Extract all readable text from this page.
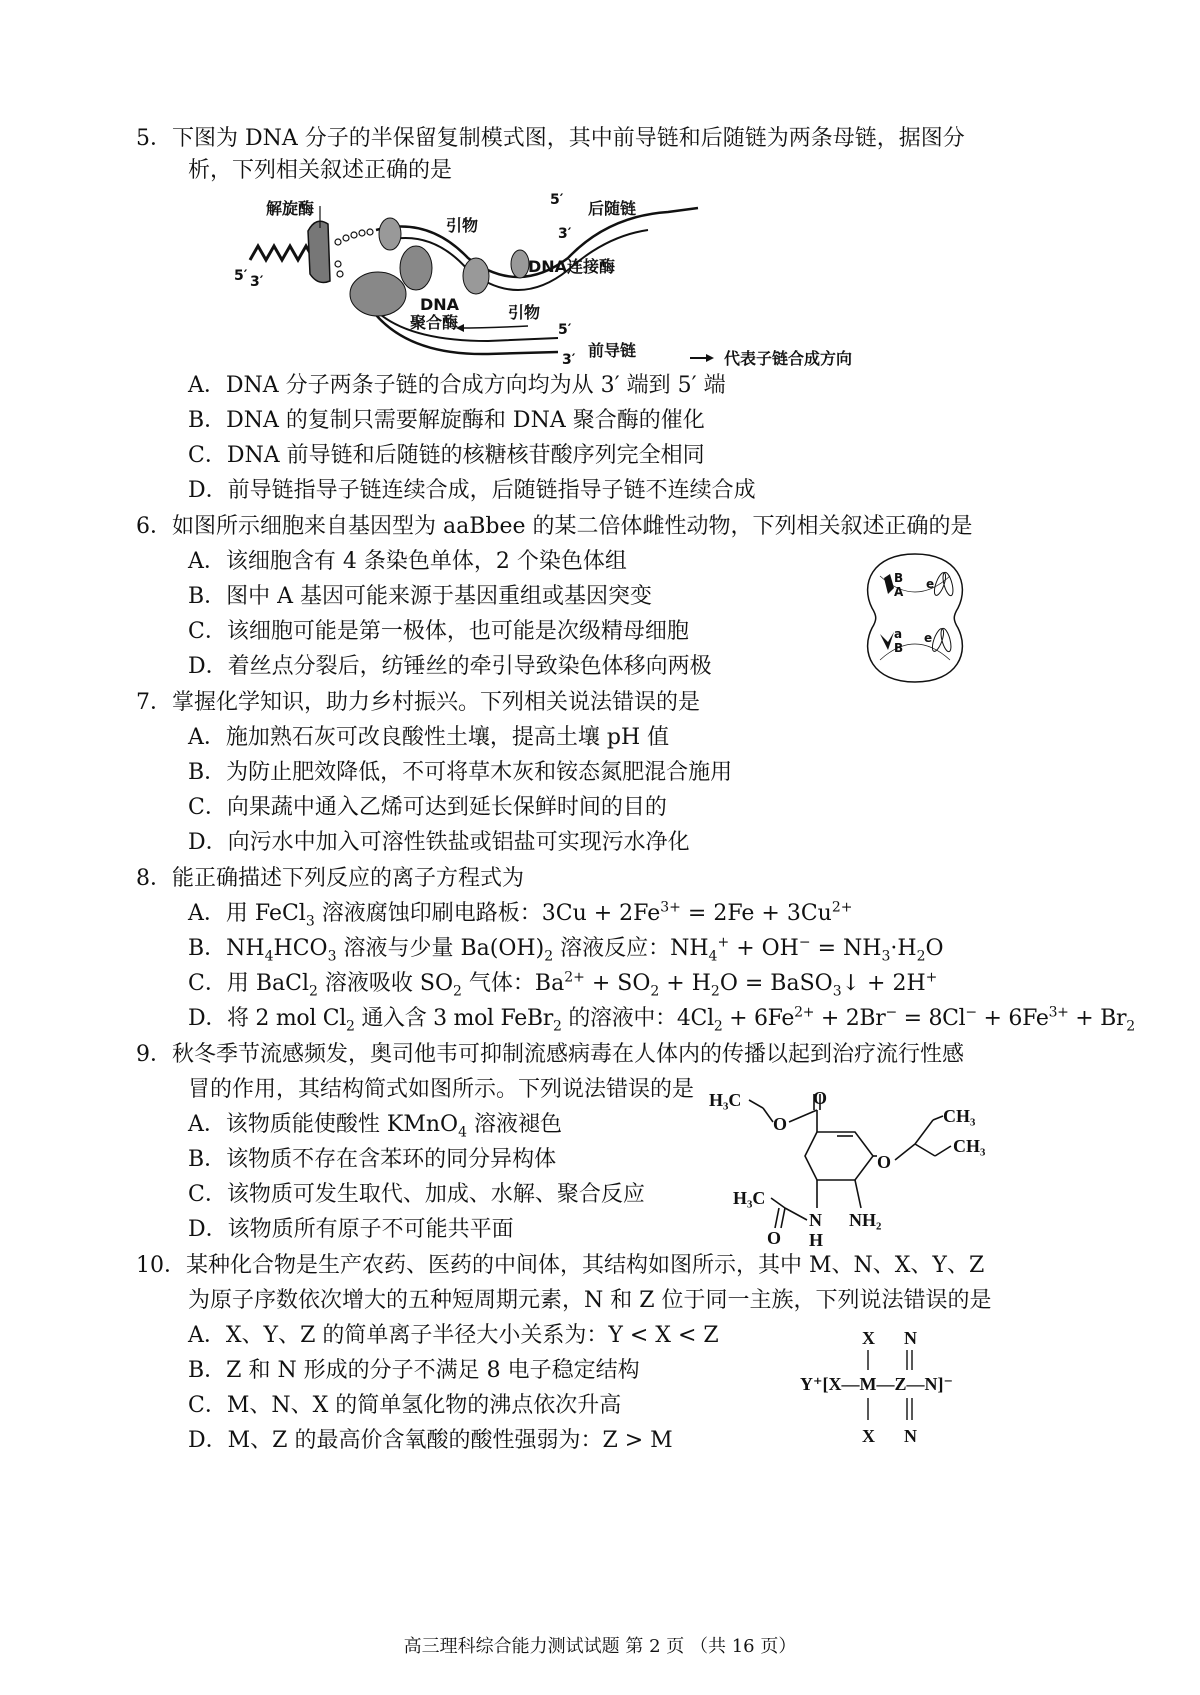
5．下图为 DNA 分子的半保留复制模式图，其中前导链和后随链为两条母链，据图分
析，下列相关叙述正确的是
解旋酶
引物
后随链
5′
3′
DNA连接酶
DNA
聚合酶
引物
5′
3′ 前导链
5′ 3′
代表子链合成方向
A．DNA 分子两条子链的合成方向均为从 3′ 端到 5′ 端
B．DNA 的复制只需要解旋酶和 DNA 聚合酶的催化
C．DNA 前导链和后随链的核糖核苷酸序列完全相同
D．前导链指导子链连续合成，后随链指导子链不连续合成
6．如图所示细胞来自基因型为 aaBbee 的某二倍体雌性动物，下列相关叙述正确的是
A．该细胞含有 4 条染色单体，2 个染色体组
B．图中 A 基因可能来源于基因重组或基因突变
C．该细胞可能是第一极体，也可能是次级精母细胞
D．着丝点分裂后，纺锤丝的牵引导致染色体移向两极
B
A
e
a
B
e
7．掌握化学知识，助力乡村振兴。下列相关说法错误的是
A．施加熟石灰可改良酸性土壤，提高土壤 pH 值
B．为防止肥效降低，不可将草木灰和铵态氮肥混合施用
C．向果蔬中通入乙烯可达到延长保鲜时间的目的
D．向污水中加入可溶性铁盐或铝盐可实现污水净化
8．能正确描述下列反应的离子方程式为
A．用 FeCl$_3$ 溶液腐蚀印刷电路板：$3Cu + 2Fe^{3+} = 2Fe + 3Cu^{2+}$
B．$NH_4HCO_3$ 溶液与少量 $Ba(OH)_2$ 溶液反应：$NH_4^+ + OH^- = NH_3\cdot H_2O$
C．用 BaCl$_2$ 溶液吸收 $SO_2$ 气体：$Ba^{2+} + SO_2 + H_2O$ = BaSO$_3$↓ + 2H+
D．将 2 mol $Cl_2$ 通入含 3 mol FeBr$_2$ 的溶液中：$4Cl_2 + 6Fe^{2+} + 2Br^- = 8Cl^- + 6Fe^{3+} + Br_2$
9．秋冬季节流感频发，奥司他韦可抑制流感病毒在人体内的传播以起到治疗流行性感
冒的作用，其结构简式如图所示。下列说法错误的是
A．该物质能使酸性 KMnO$_4$ 溶液褪色
B．该物质不存在含苯环的同分异构体
C．该物质可发生取代、加成、水解、聚合反应
D．该物质所有原子不可能共平面
H₃C	O
O
O
CH₃
CH₃
H₃C
N
H
NH₂
O
10．某种化合物是生产农药、医药的中间体，其结构如图所示，其中 M、N、X、Y、Z
为原子序数依次增大的五种短周期元素，N 和 Z 位于同一主族，下列说法错误的是
A．X、Y、Z 的简单离子半径大小关系为：Y < X < Z
B．Z 和 N 形成的分子不满足 8 电子稳定结构
C．M、N、X 的简单氢化物的沸点依次升高
D．M、Z 的最高价含氧酸的酸性强弱为：Z > M
X N
Y⁺[X—M—Z—N]⁻
X N
高三理科综合能力测试试题 第 2 页 （共 16 页）
